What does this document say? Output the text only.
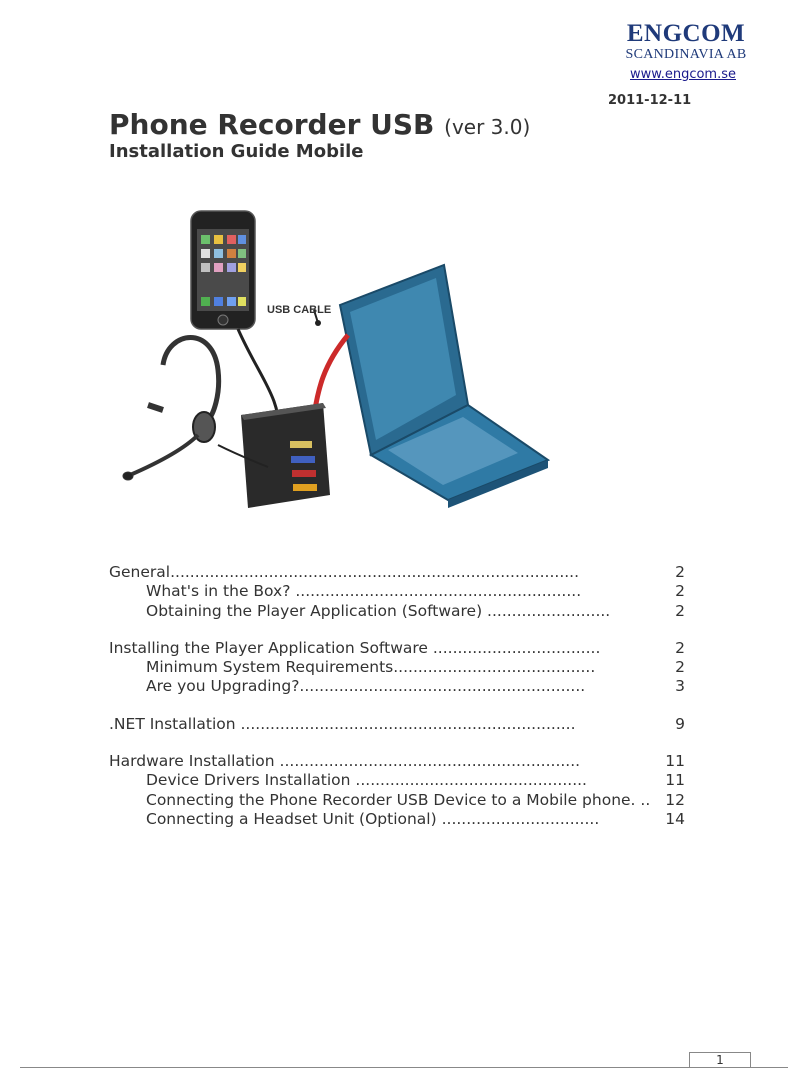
ENGCOM
SCANDINAVIA AB
www.engcom.se
2011-12-11
Phone Recorder USB (ver 3.0)
Installation Guide Mobile
USB CABLE
General...................................................................................	2
What's in the Box? ..........................................................	2
Obtaining the Player Application (Software) .........................	2
Installing the Player Application Software ..................................	2
Minimum System Requirements.........................................	2
Are you Upgrading?..........................................................	3
.NET Installation ....................................................................	9
Hardware Installation .............................................................	11
Device Drivers Installation ...............................................	11
Connecting the Phone Recorder USB Device to a Mobile phone. .. 12
Connecting a Headset Unit (Optional) ................................	14
1
